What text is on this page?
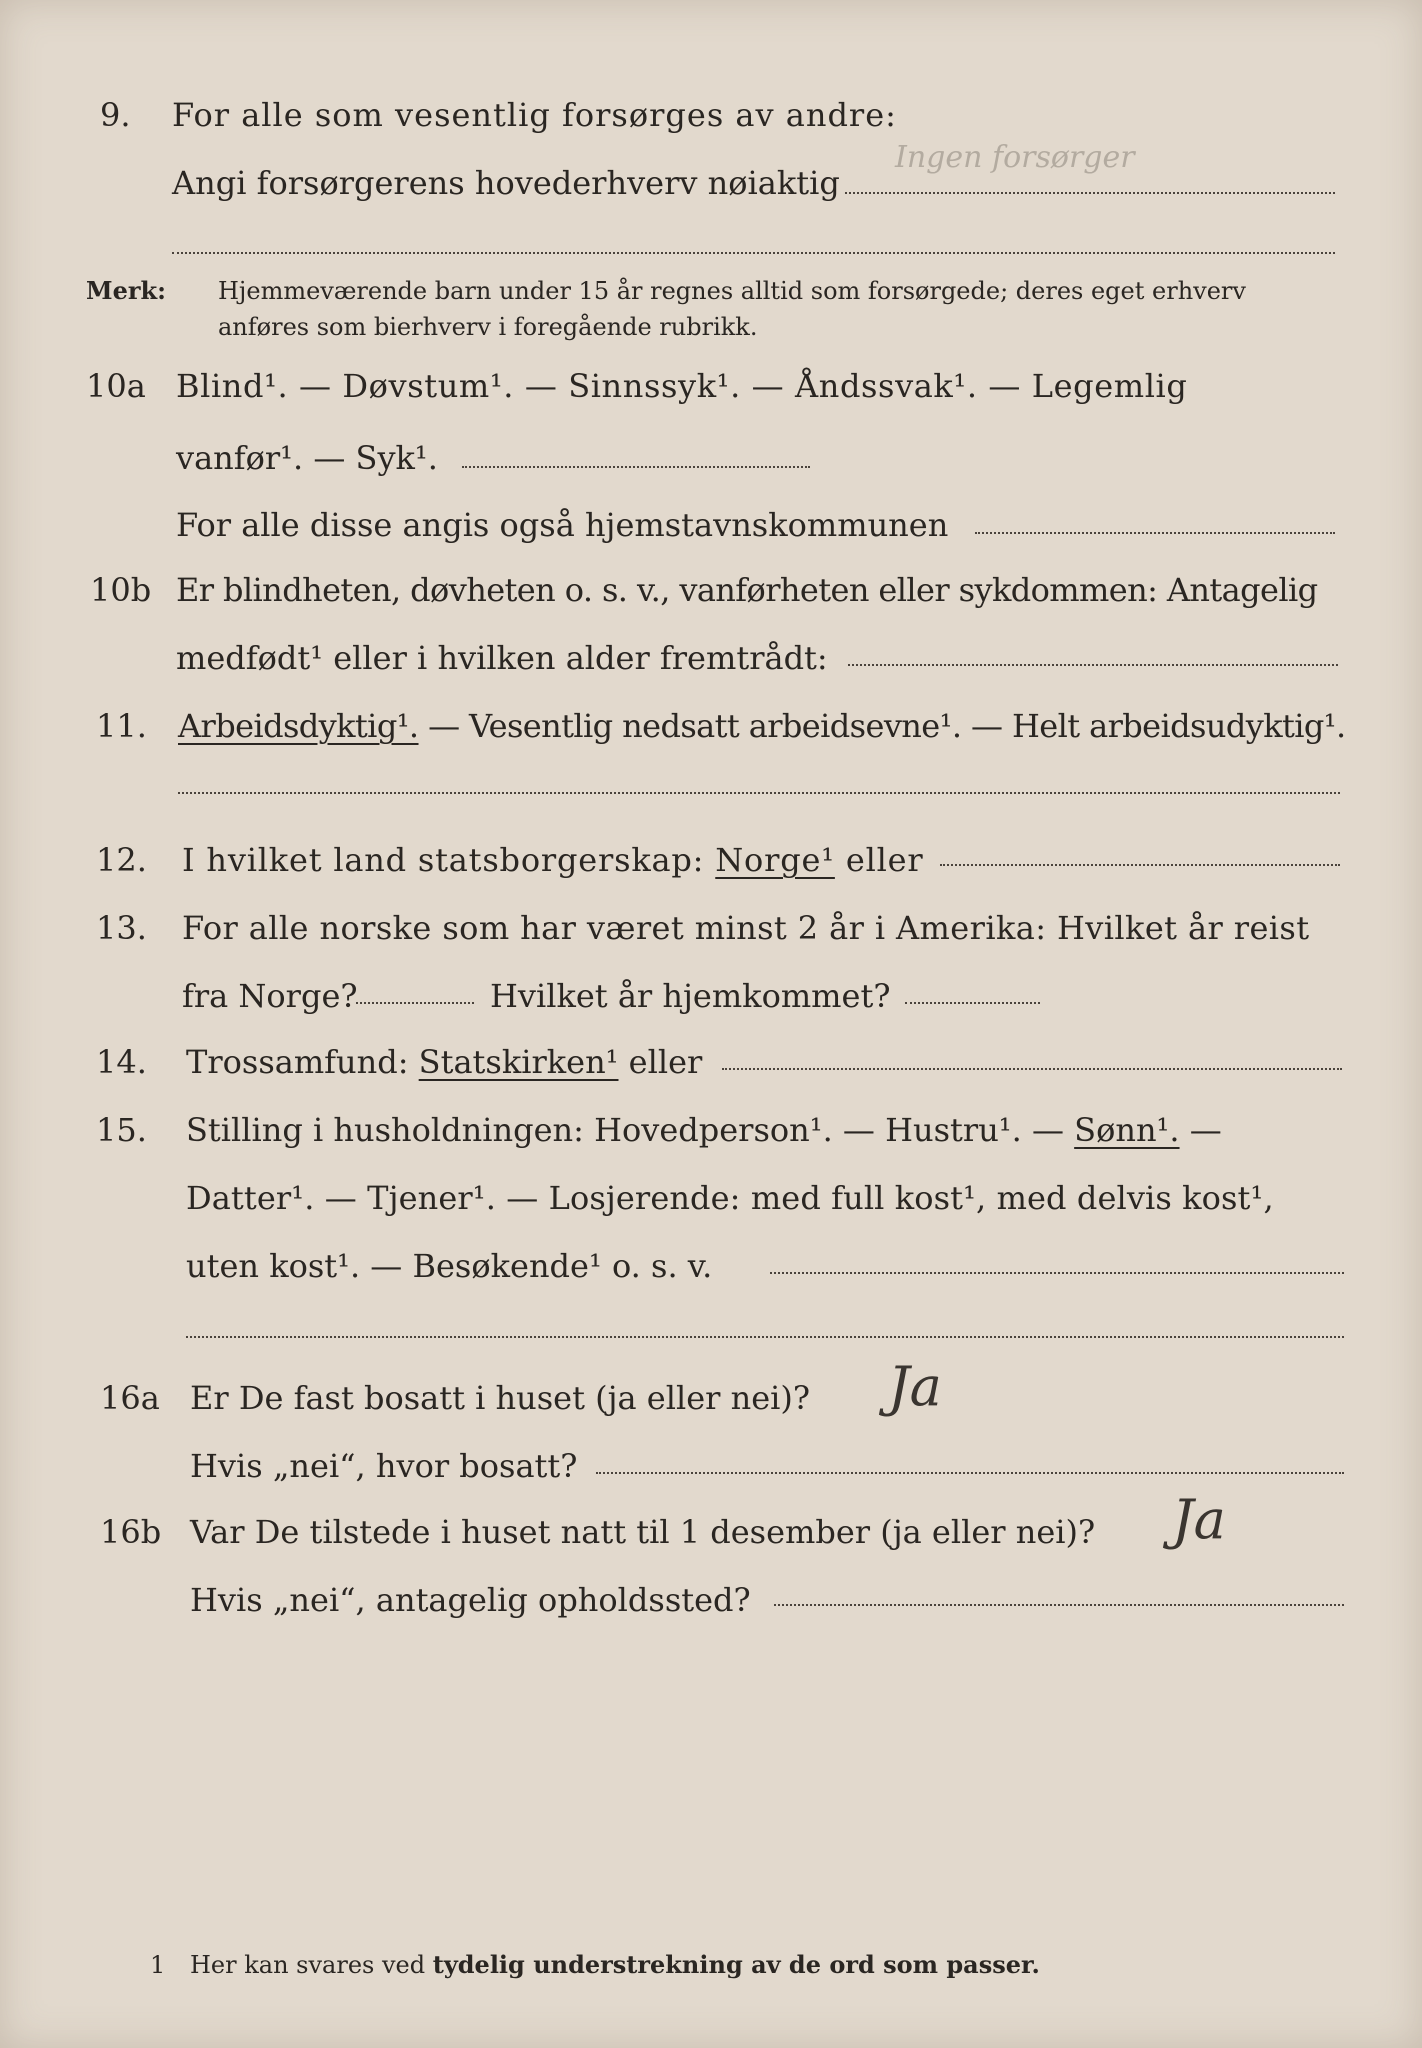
9. For alle som vesentlig forsørges av andre:
Angi forsørgerens hovederhverv nøiaktig
Ingen forsørger
Merk: Hjemmeværende barn under 15 år regnes alltid som forsørgede; deres eget erhverv
anføres som bierhverv i foregående rubrikk.
10a Blind¹. — Døvstum¹. — Sinnssyk¹. — Åndssvak¹. — Legemlig
vanfør¹. — Syk¹.
For alle disse angis også hjemstavnskommunen
10b Er blindheten, døvheten o. s. v., vanførheten eller sykdommen: Antagelig
medfødt¹ eller i hvilken alder fremtrådt:
11. Arbeidsdyktig¹. — Vesentlig nedsatt arbeidsevne¹. — Helt arbeidsudyktig¹.
12. I hvilket land statsborgerskap: Norge¹ eller
13. For alle norske som har været minst 2 år i Amerika: Hvilket år reist
fra Norge?	Hvilket år hjemkommet?
14. Trossamfund: Statskirken¹ eller
15. Stilling i husholdningen: Hovedperson¹. — Hustru¹. — Sønn¹. —
Datter¹. — Tjener¹. — Losjerende: med full kost¹, med delvis kost¹,
uten kost¹. — Besøkende¹ o. s. v.
16a Er De fast bosatt i huset (ja eller nei)? Ja
Hvis „nei“, hvor bosatt?
16b Var De tilstede i huset natt til 1 desember (ja eller nei)? Ja
Hvis „nei“, antagelig opholdssted?
1 Her kan svares ved tydelig understrekning av de ord som passer.
